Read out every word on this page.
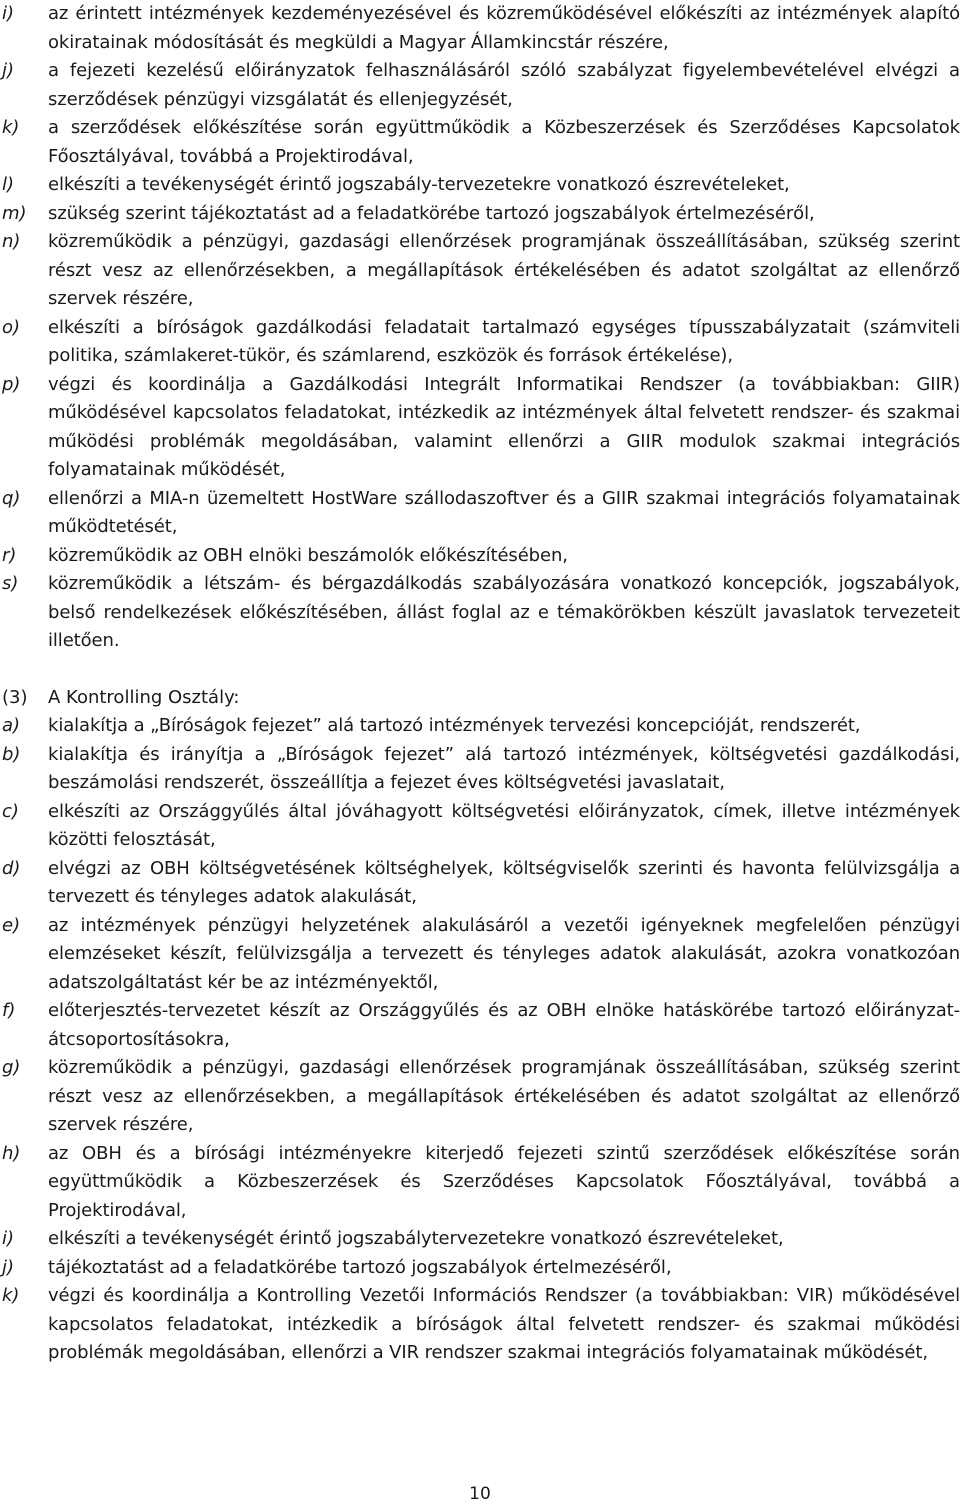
i) az érintett intézmények kezdeményezésével és közreműködésével előkészíti az intézmények alapító okiratainak módosítását és megküldi a Magyar Államkincstár részére,
j) a fejezeti kezelésű előirányzatok felhasználásáról szóló szabályzat figyelembevételével elvégzi a szerződések pénzügyi vizsgálatát és ellenjegyzését,
k) a szerződések előkészítése során együttműködik a Közbeszerzések és Szerződéses Kapcsolatok Főosztályával, továbbá a Projektirodával,
l) elkészíti a tevékenységét érintő jogszabály-tervezetekre vonatkozó észrevételeket,
m) szükség szerint tájékoztatást ad a feladatkörébe tartozó jogszabályok értelmezéséről,
n) közreműködik a pénzügyi, gazdasági ellenőrzések programjának összeállításában, szükség szerint részt vesz az ellenőrzésekben, a megállapítások értékelésében és adatot szolgáltat az ellenőrző szervek részére,
o) elkészíti a bíróságok gazdálkodási feladatait tartalmazó egységes típusszabályzatait (számviteli politika, számlakeret-tükör, és számlarend, eszközök és források értékelése),
p) végzi és koordinálja a Gazdálkodási Integrált Informatikai Rendszer (a továbbiakban: GIIR) működésével kapcsolatos feladatokat, intézkedik az intézmények által felvetett rendszer- és szakmai működési problémák megoldásában, valamint ellenőrzi a GIIR modulok szakmai integrációs folyamatainak működését,
q) ellenőrzi a MIA-n üzemeltett HostWare szállodaszoftver és a GIIR szakmai integrációs folyamatainak működtetését,
r) közreműködik az OBH elnöki beszámolók előkészítésében,
s) közreműködik a létszám- és bérgazdálkodás szabályozására vonatkozó koncepciók, jogszabályok, belső rendelkezések előkészítésében, állást foglal az e témakörökben készült javaslatok tervezeteit illetően.
(3) A Kontrolling Osztály:
a) kialakítja a „Bíróságok fejezet” alá tartozó intézmények tervezési koncepcióját, rendszerét,
b) kialakítja és irányítja a „Bíróságok fejezet” alá tartozó intézmények, költségvetési gazdálkodási, beszámolási rendszerét, összeállítja a fejezet éves költségvetési javaslatait,
c) elkészíti az Országgyűlés által jóváhagyott költségvetési előirányzatok, címek, illetve intézmények közötti felosztását,
d) elvégzi az OBH költségvetésének költséghelyek, költségviselők szerinti és havonta felülvizsgálja a tervezett és tényleges adatok alakulását,
e) az intézmények pénzügyi helyzetének alakulásáról a vezetői igényeknek megfelelően pénzügyi elemzéseket készít, felülvizsgálja a tervezett és tényleges adatok alakulását, azokra vonatkozóan adatszolgáltatást kér be az intézményektől,
f) előterjesztés-tervezetet készít az Országgyűlés és az OBH elnöke hatáskörébe tartozó előirányzat-átcsoportosításokra,
g) közreműködik a pénzügyi, gazdasági ellenőrzések programjának összeállításában, szükség szerint részt vesz az ellenőrzésekben, a megállapítások értékelésében és adatot szolgáltat az ellenőrző szervek részére,
h) az OBH és a bírósági intézményekre kiterjedő fejezeti szintű szerződések előkészítése során együttműködik a Közbeszerzések és Szerződéses Kapcsolatok Főosztályával, továbbá a Projektirodával,
i) elkészíti a tevékenységét érintő jogszabálytervezetekre vonatkozó észrevételeket,
j) tájékoztatást ad a feladatkörébe tartozó jogszabályok értelmezéséről,
k) végzi és koordinálja a Kontrolling Vezetői Információs Rendszer (a továbbiakban: VIR) működésével kapcsolatos feladatokat, intézkedik a bíróságok által felvetett rendszer- és szakmai működési problémák megoldásában, ellenőrzi a VIR rendszer szakmai integrációs folyamatainak működését,
10
